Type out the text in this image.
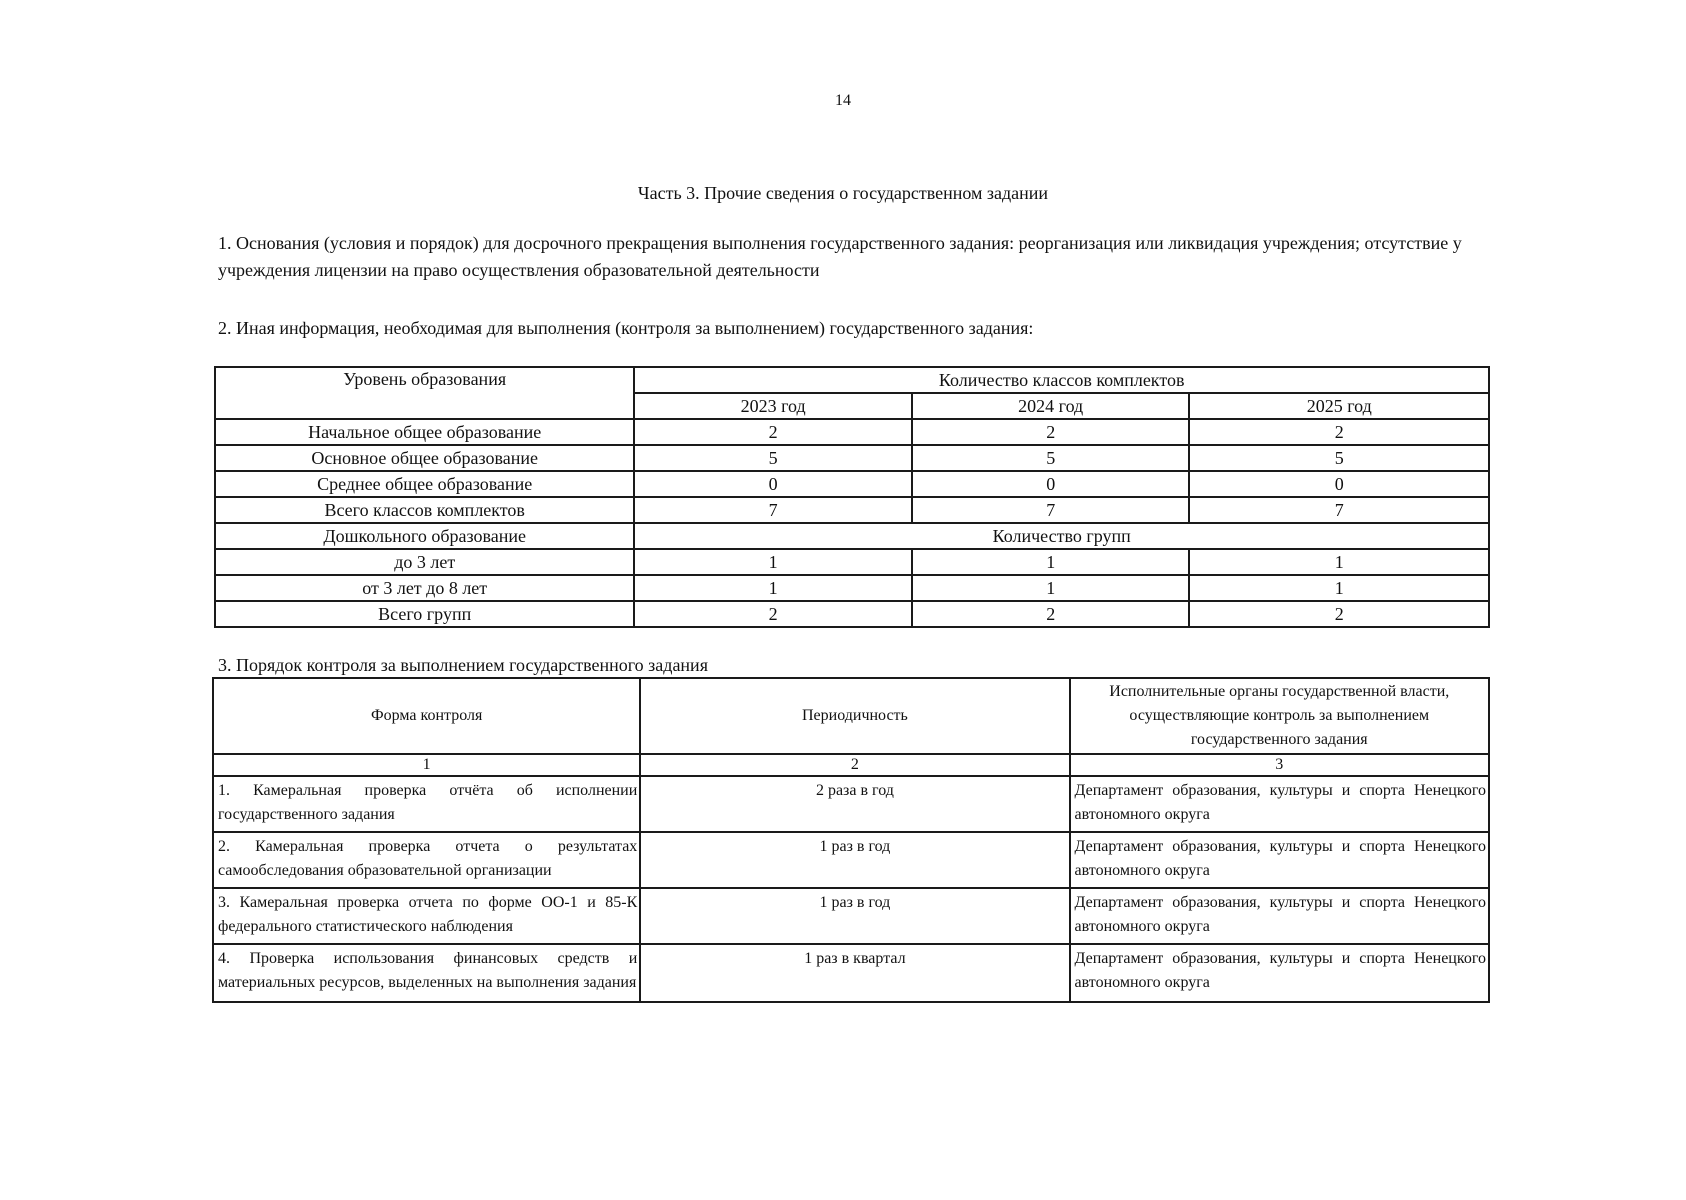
14
Часть 3. Прочие сведения о государственном задании
1. Основания (условия и порядок) для досрочного прекращения выполнения государственного задания: реорганизация или ликвидация учреждения; отсутствие у учреждения лицензии на право осуществления образовательной деятельности
2. Иная информация, необходимая для выполнения (контроля за выполнением) государственного задания:
Уровень образования	Количество классов комплектов		
	2023 год	2024 год	2025 год
Начальное общее образование	2	2	2
Основное общее образование	5	5	5
Среднее общее образование	0	0	0
Всего классов комплектов	7	7	7
Дошкольного образование	Количество групп		
до 3 лет	1	1	1
от 3 лет до 8 лет	1	1	1
Всего групп	2	2	2
3. Порядок контроля за выполнением государственного задания
Форма контроля	Периодичность	Исполнительные органы государственной власти, осуществляющие контроль за выполнением государственного задания
1	2	3
1. Камеральная проверка отчёта об исполнении государственного задания	2 раза в год	Департамент образования, культуры и спорта Ненецкого автономного округа
2. Камеральная проверка отчета о результатах самообследования образовательной организации	1 раз в год	Департамент образования, культуры и спорта Ненецкого автономного округа
3. Камеральная проверка отчета по форме ОО-1 и 85-К федерального статистического наблюдения	1 раз в год	Департамент образования, культуры и спорта Ненецкого автономного округа
4. Проверка использования финансовых средств и материальных ресурсов, выделенных на выполнения задания	1 раз в квартал	Департамент образования, культуры и спорта Ненецкого автономного округа
